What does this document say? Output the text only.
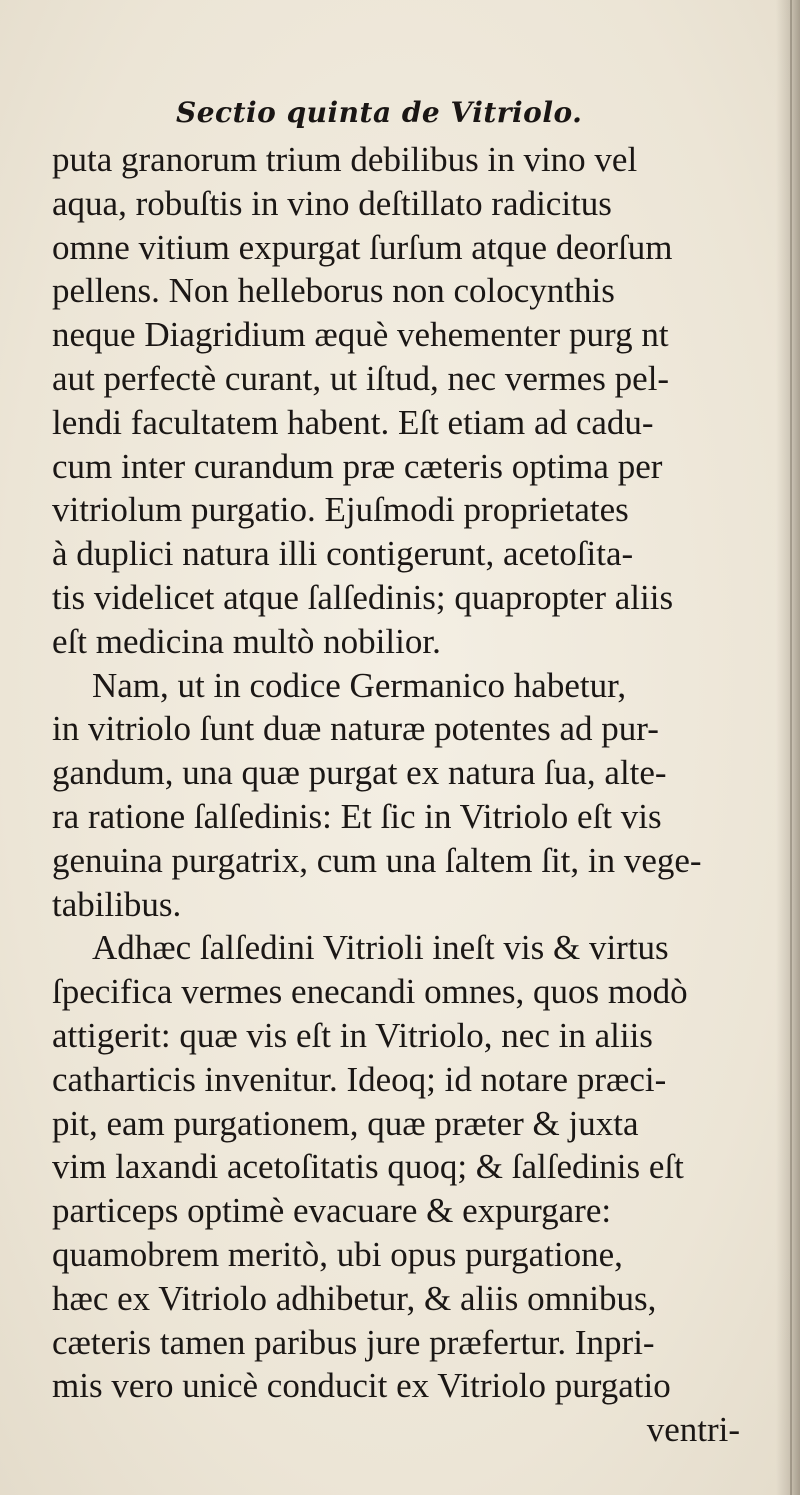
Sectio quinta de Vitriolo.
puta granorum trium debilibus in vino vel
aqua, robuſtis in vino deſtillato radicitus
omne vitium expurgat ſurſum atque deorſum
pellens. Non helleborus non colocynthis
neque Diagridium æquè vehementer purg nt
aut perfectè curant, ut iſtud, nec vermes pel-
lendi facultatem habent. Eſt etiam ad cadu-
cum inter curandum præ cæteris optima per
vitriolum purgatio. Ejuſmodi proprietates
à duplici natura illi contigerunt, acetoſita-
tis videlicet atque ſalſedinis; quapropter aliis
eſt medicina multò nobilior.
Nam, ut in codice Germanico habetur,
in vitriolo ſunt duæ naturæ potentes ad pur-
gandum, una quæ purgat ex natura ſua, alte-
ra ratione ſalſedinis: Et ſic in Vitriolo eſt vis
genuina purgatrix, cum una ſaltem ſit, in vege-
tabilibus.
Adhæc ſalſedini Vitrioli ineſt vis & virtus
ſpecifica vermes enecandi omnes, quos modò
attigerit: quæ vis eſt in Vitriolo, nec in aliis
catharticis invenitur. Ideoq; id notare præci-
pit, eam purgationem, quæ præter & juxta
vim laxandi acetoſitatis quoq; & ſalſedinis eſt
particeps optimè evacuare & expurgare:
quamobrem meritò, ubi opus purgatione,
hæc ex Vitriolo adhibetur, & aliis omnibus,
cæteris tamen paribus jure præfertur. Inpri-
mis vero unicè conducit ex Vitriolo purgatio
ventri-
